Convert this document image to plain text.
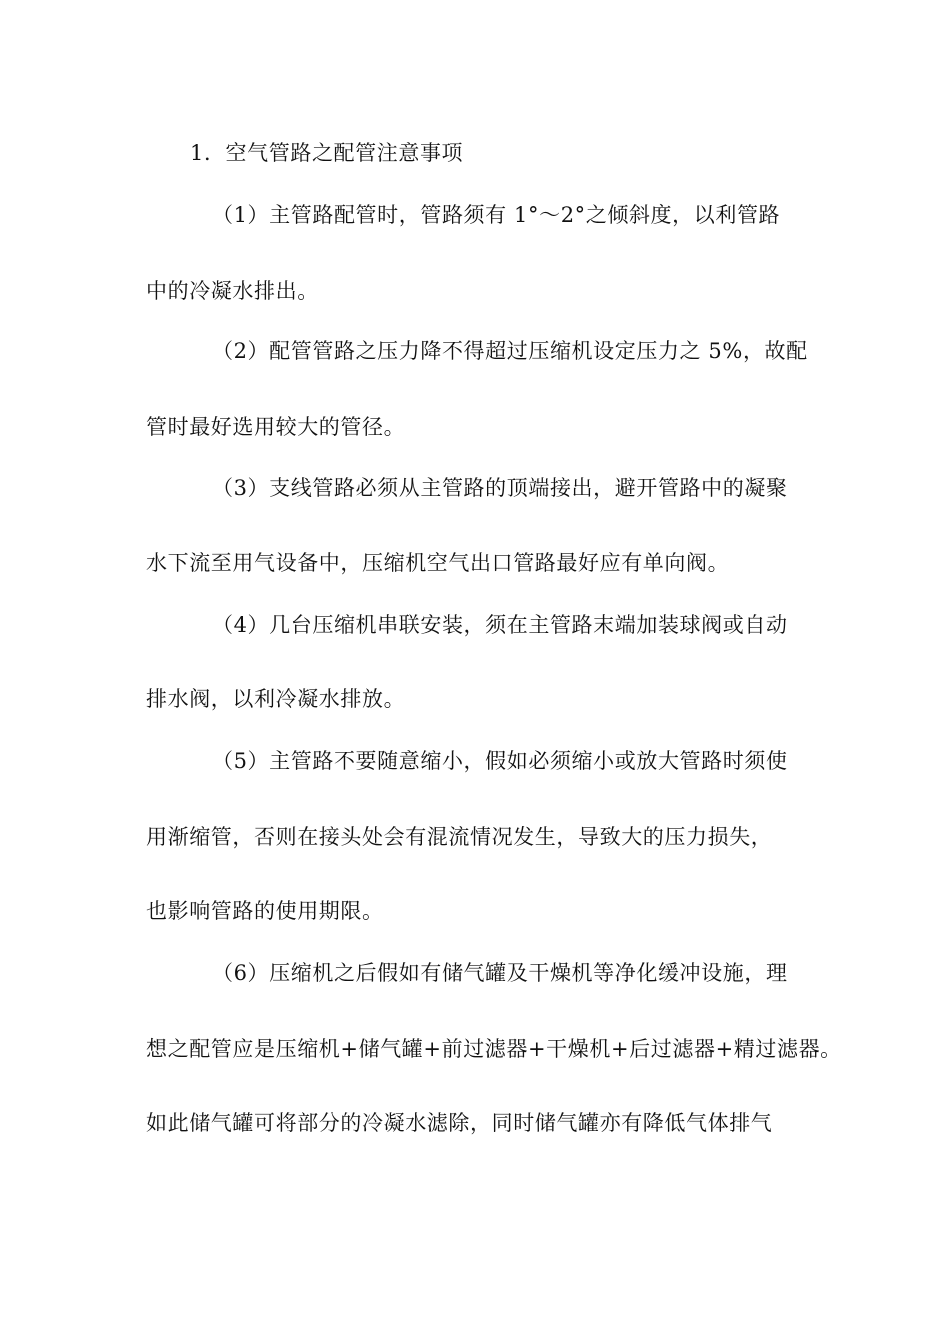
1．空气管路之配管注意事项
（1）主管路配管时，管路须有 1°～2°之倾斜度，以利管路
中的冷凝水排出。
（2）配管管路之压力降不得超过压缩机设定压力之 5%，故配
管时最好选用较大的管径。
（3）支线管路必须从主管路的顶端接出，避开管路中的凝聚
水下流至用气设备中，压缩机空气出口管路最好应有单向阀。
（4）几台压缩机串联安装，须在主管路末端加装球阀或自动
排水阀，以利冷凝水排放。
（5）主管路不要随意缩小，假如必须缩小或放大管路时须使
用渐缩管，否则在接头处会有混流情况发生，导致大的压力损失，
也影响管路的使用期限。
（6）压缩机之后假如有储气罐及干燥机等净化缓冲设施，理
想之配管应是压缩机+储气罐+前过滤器+干燥机+后过滤器+精过滤器。
如此储气罐可将部分的冷凝水滤除，同时储气罐亦有降低气体排气
